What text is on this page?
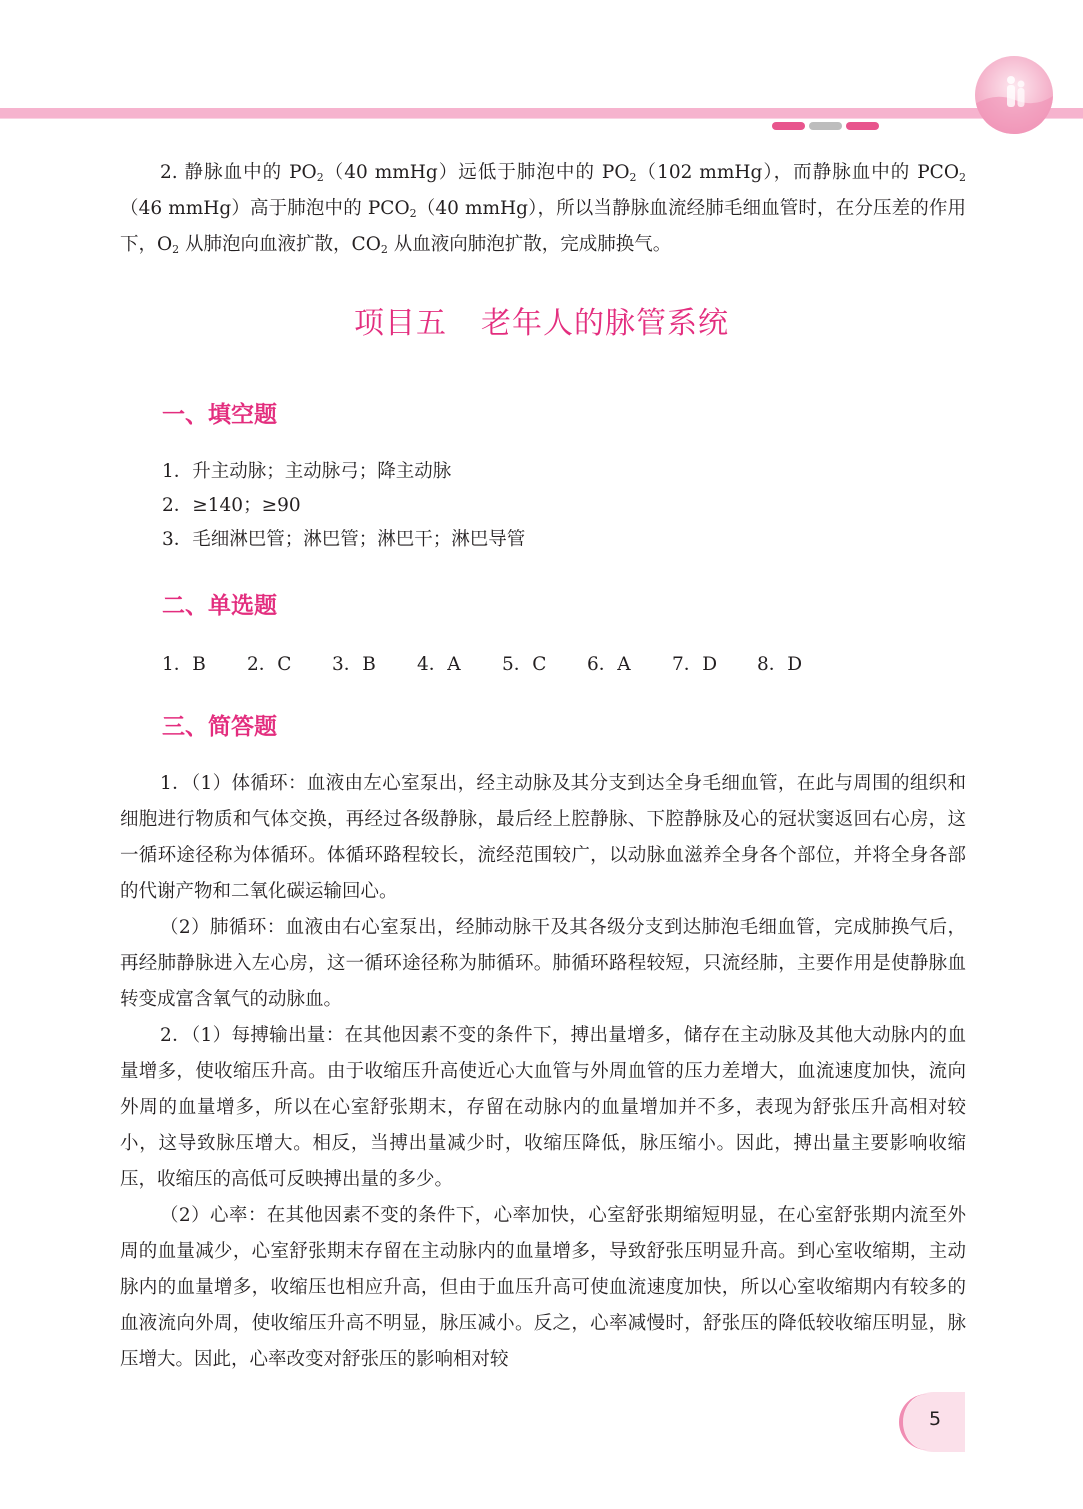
2. 静脉血中的 $PO_2(40$ mmHg）远低于肺泡中的 $PO_2(102$ mmHg），而静脉血中的 $PCO_2(46$ mmHg）高于肺泡中的 $PCO_2(40$ mmHg），所以当静脉血流经肺毛细血管时，在分压差的作用下，$O_2$ 从肺泡向血液扩散，$CO_2$ 从血液向肺泡扩散，完成肺换气。

项目五 老年人的脉管系统
一、填空题
1．升主动脉；主动脉弓；降主动脉
2．≥140；≥90
3．毛细淋巴管；淋巴管；淋巴干；淋巴导管
二、单选题
1．B	2．C	3．B	4．A	5．C	6．A	7．D	8．D
三、简答题

1．（1）体循环：血液由左心室泵出，经主动脉及其分支到达全身毛细血管，在此与周围的组织和细胞进行物质和气体交换，再经过各级静脉，最后经上腔静脉、下腔静脉及心的冠状窦返回右心房，这一循环途径称为体循环。体循环路程较长，流经范围较广，以动脉血滋养全身各个部位，并将全身各部的代谢产物和二氧化碳运输回心。

（2）肺循环：血液由右心室泵出，经肺动脉干及其各级分支到达肺泡毛细血管，完成肺换气后，再经肺静脉进入左心房，这一循环途径称为肺循环。肺循环路程较短，只流经肺，主要作用是使静脉血转变成富含氧气的动脉血。

2．（1）每搏输出量：在其他因素不变的条件下，搏出量增多，储存在主动脉及其他大动脉内的血量增多，使收缩压升高。由于收缩压升高使近心大血管与外周血管的压力差增大，血流速度加快，流向外周的血量增多，所以在心室舒张期末，存留在动脉内的血量增加并不多，表现为舒张压升高相对较小，这导致脉压增大。相反，当搏出量减少时，收缩压降低，脉压缩小。因此，搏出量主要影响收缩压，收缩压的高低可反映搏出量的多少。

（2）心率：在其他因素不变的条件下，心率加快，心室舒张期缩短明显，在心室舒张期内流至外周的血量减少，心室舒张期末存留在主动脉内的血量增多，导致舒张压明显升高。到心室收缩期，主动脉内的血量增多，收缩压也相应升高，但由于血压升高可使血流速度加快，所以心室收缩期内有较多的血液流向外周，使收缩压升高不明显，脉压减小。反之，心率减慢时，舒张压的降低较收缩压明显，脉压增大。因此，心率改变对舒张压的影响相对较

5
